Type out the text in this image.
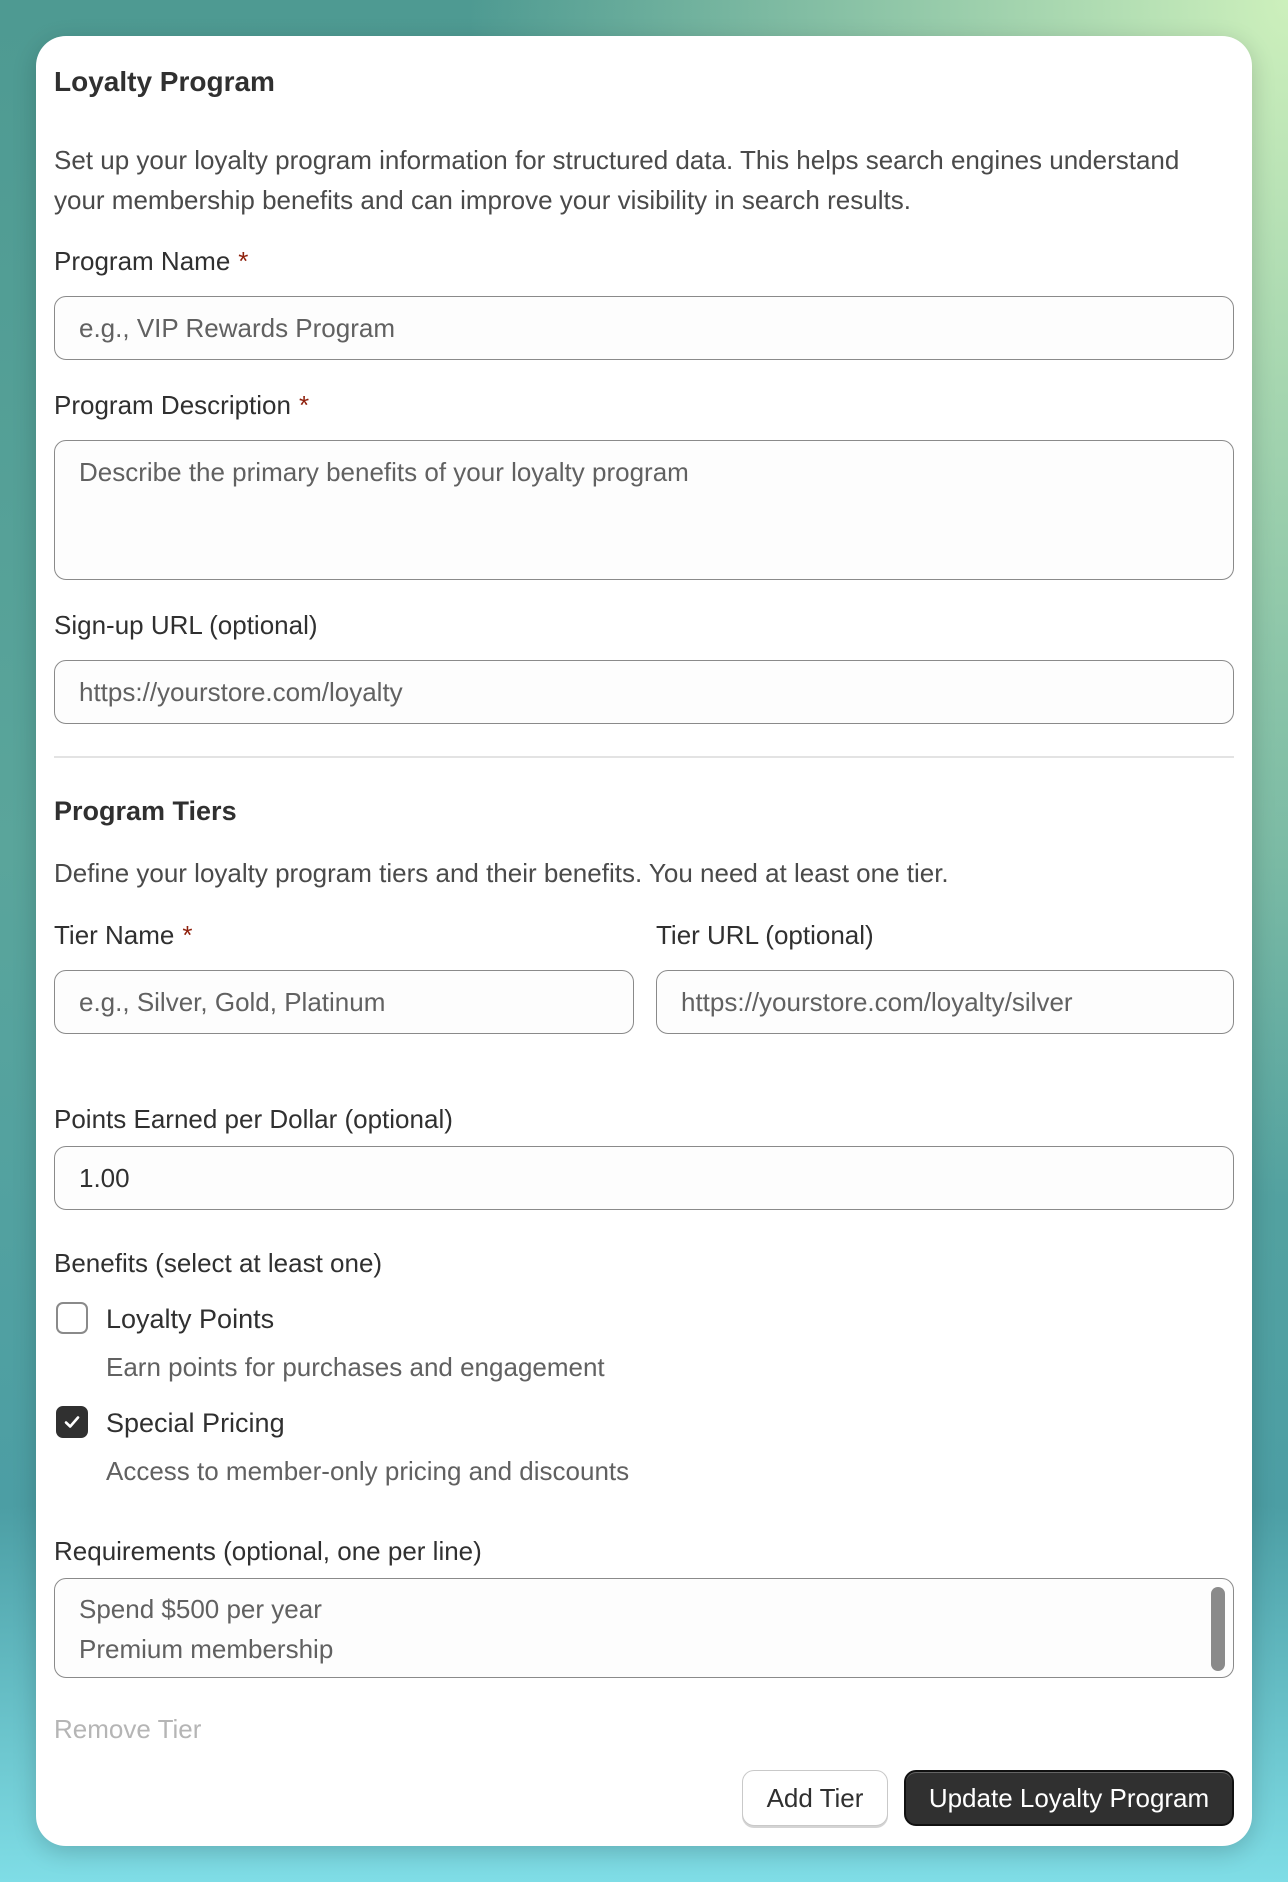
Loyalty Program
Set up your loyalty program information for structured data. This helps search engines understand your membership benefits and can improve your visibility in search results.
Program Name *
e.g., VIP Rewards Program
Program Description *
Describe the primary benefits of your loyalty program
Sign-up URL (optional)
https://yourstore.com/loyalty
Program Tiers
Define your loyalty program tiers and their benefits. You need at least one tier.
Tier Name *
e.g., Silver, Gold, Platinum
Tier URL (optional)
https://yourstore.com/loyalty/silver
Points Earned per Dollar (optional)
1.00
Benefits (select at least one)
Loyalty Points
Earn points for purchases and engagement
Special Pricing
Access to member-only pricing and discounts
Requirements (optional, one per line)
Spend $500 per year
Premium membership
Remove Tier
Add Tier	Update Loyalty Program
